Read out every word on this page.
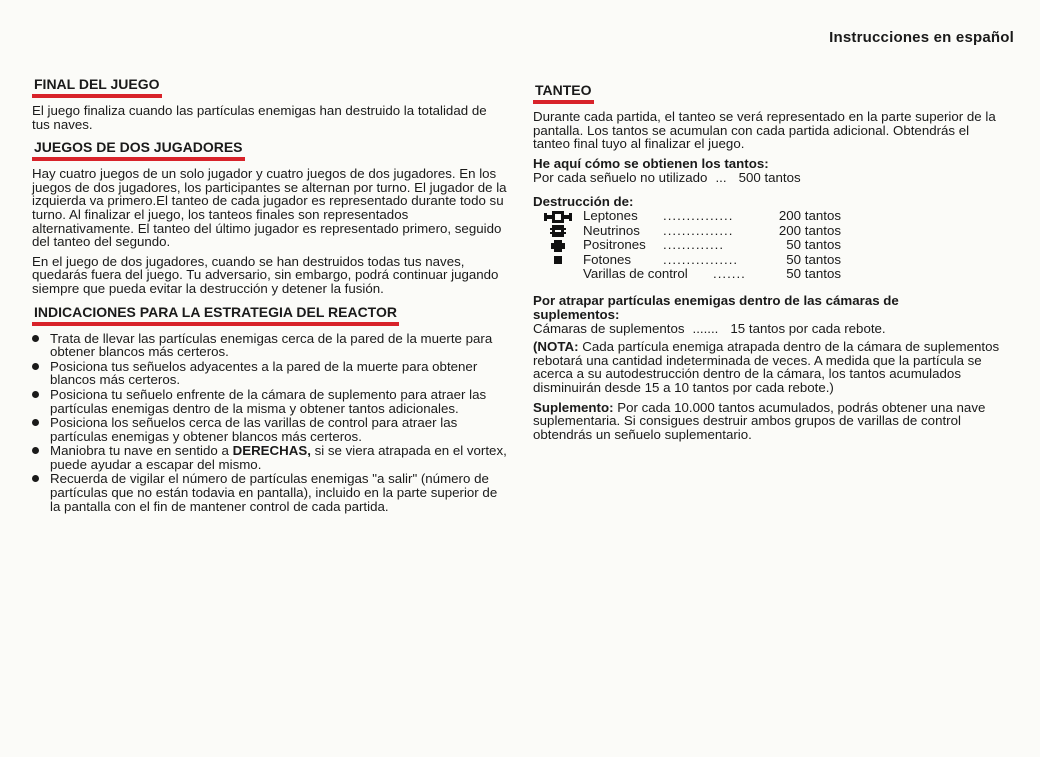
Instrucciones en español
FINAL DEL JUEGO

El juego finaliza cuando las partículas enemigas han destruido la totalidad de tus naves.

JUEGOS DE DOS JUGADORES

Hay cuatro juegos de un solo jugador y cuatro juegos de dos jugadores. En los juegos de dos jugadores, los participantes se alternan por turno. El jugador de la izquierda va primero.El tanteo de cada jugador es representado durante todo su turno. Al finalizar el juego, los tanteos finales son representados alternativamente. El tanteo del último jugador es representado primero, seguido del tanteo del segundo.

En el juego de dos jugadores, cuando se han destruidos todas tus naves, quedarás fuera del juego. Tu adversario, sin embargo, podrá continuar jugando siempre que pueda evitar la destrucción y detener la fusión.

INDICACIONES PARA LA ESTRATEGIA DEL REACTOR
Trata de llevar las partículas enemigas cerca de la pared de la muerte para obtener blancos más certeros.
Posiciona tus señuelos adyacentes a la pared de la muerte para obtener blancos más certeros.
Posiciona tu señuelo enfrente de la cámara de suplemento para atraer las partículas enemigas dentro de la misma y obtener tantos adicionales.
Posiciona los señuelos cerca de las varillas de control para atraer las partículas enemigas y obtener blancos más certeros.
Maniobra tu nave en sentido a DERECHAS, si se viera atrapada en el vortex, puede ayudar a escapar del mismo.
Recuerda de vigilar el número de partículas enemigas "a salir" (número de partículas que no están todavia en pantalla), incluido en la parte superior de la pantalla con el fin de mantener control de cada partida.
TANTEO

Durante cada partida, el tanteo se verá representado en la parte superior de la pantalla. Los tantos se acumulan con cada partida adicional. Obtendrás el tanteo final tuyo al finalizar el juego.

He aquí cómo se obtienen los tantos:
Por cada señuelo no utilizado ... 500 tantos
Destrucción de:
Leptones	...............	200 tantos
Neutrinos	...............	200 tantos
Positrones	.............	50 tantos
Fotones	................	50 tantos
Varillas de control	.......	50 tantos
Por atrapar partículas enemigas dentro de las cámaras de suplementos:
Cámaras de suplementos ....... 15 tantos por cada rebote.

(NOTA: Cada partícula enemiga atrapada dentro de la cámara de suplementos rebotará una cantidad indeterminada de veces. A medida que la partícula se acerca a su autodestrucción dentro de la cámara, los tantos acumulados disminuirán desde 15 a 10 tantos por cada rebote.)

Suplemento: Por cada 10.000 tantos acumulados, podrás obtener una nave suplementaria. Si consigues destruir ambos grupos de varillas de control obtendrás un señuelo suplementario.
